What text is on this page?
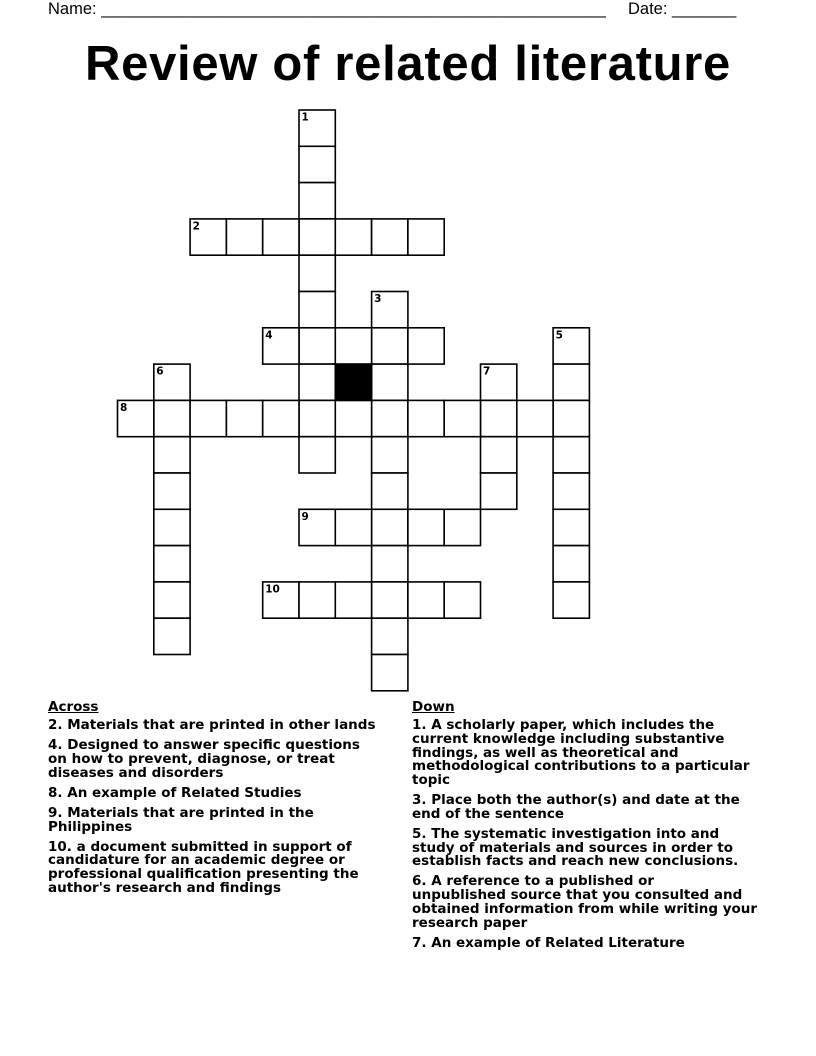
Name: _______________________________________________________ Date: _______
Review of related literature
1
2
3
4	5
6	7
8
9
10
Across
2 . Materials that are printed in other lands
4 . Designed to answer specific questions
on how to prevent, diagnose, or treat
diseases and disorders
8 . An example of Related Studies
9 . Materials that are printed in the
Philippines
10 . a document submitted in support of
candidature for an academic degree or
professional qualification presenting the
author's research and findings
Down
1 . A scholarly paper, which includes the
current knowledge including substantive
findings, as well as theoretical and
methodological contributions to a particular
topic
3 . Place both the author(s) and date at the
end of the sentence
5 . The systematic investigation into and
study of materials and sources in order to
establish facts and reach new conclusions.
6 . A reference to a published or
unpublished source that you consulted and
obtained information from while writing your
research paper
7 . An example of Related Literature
